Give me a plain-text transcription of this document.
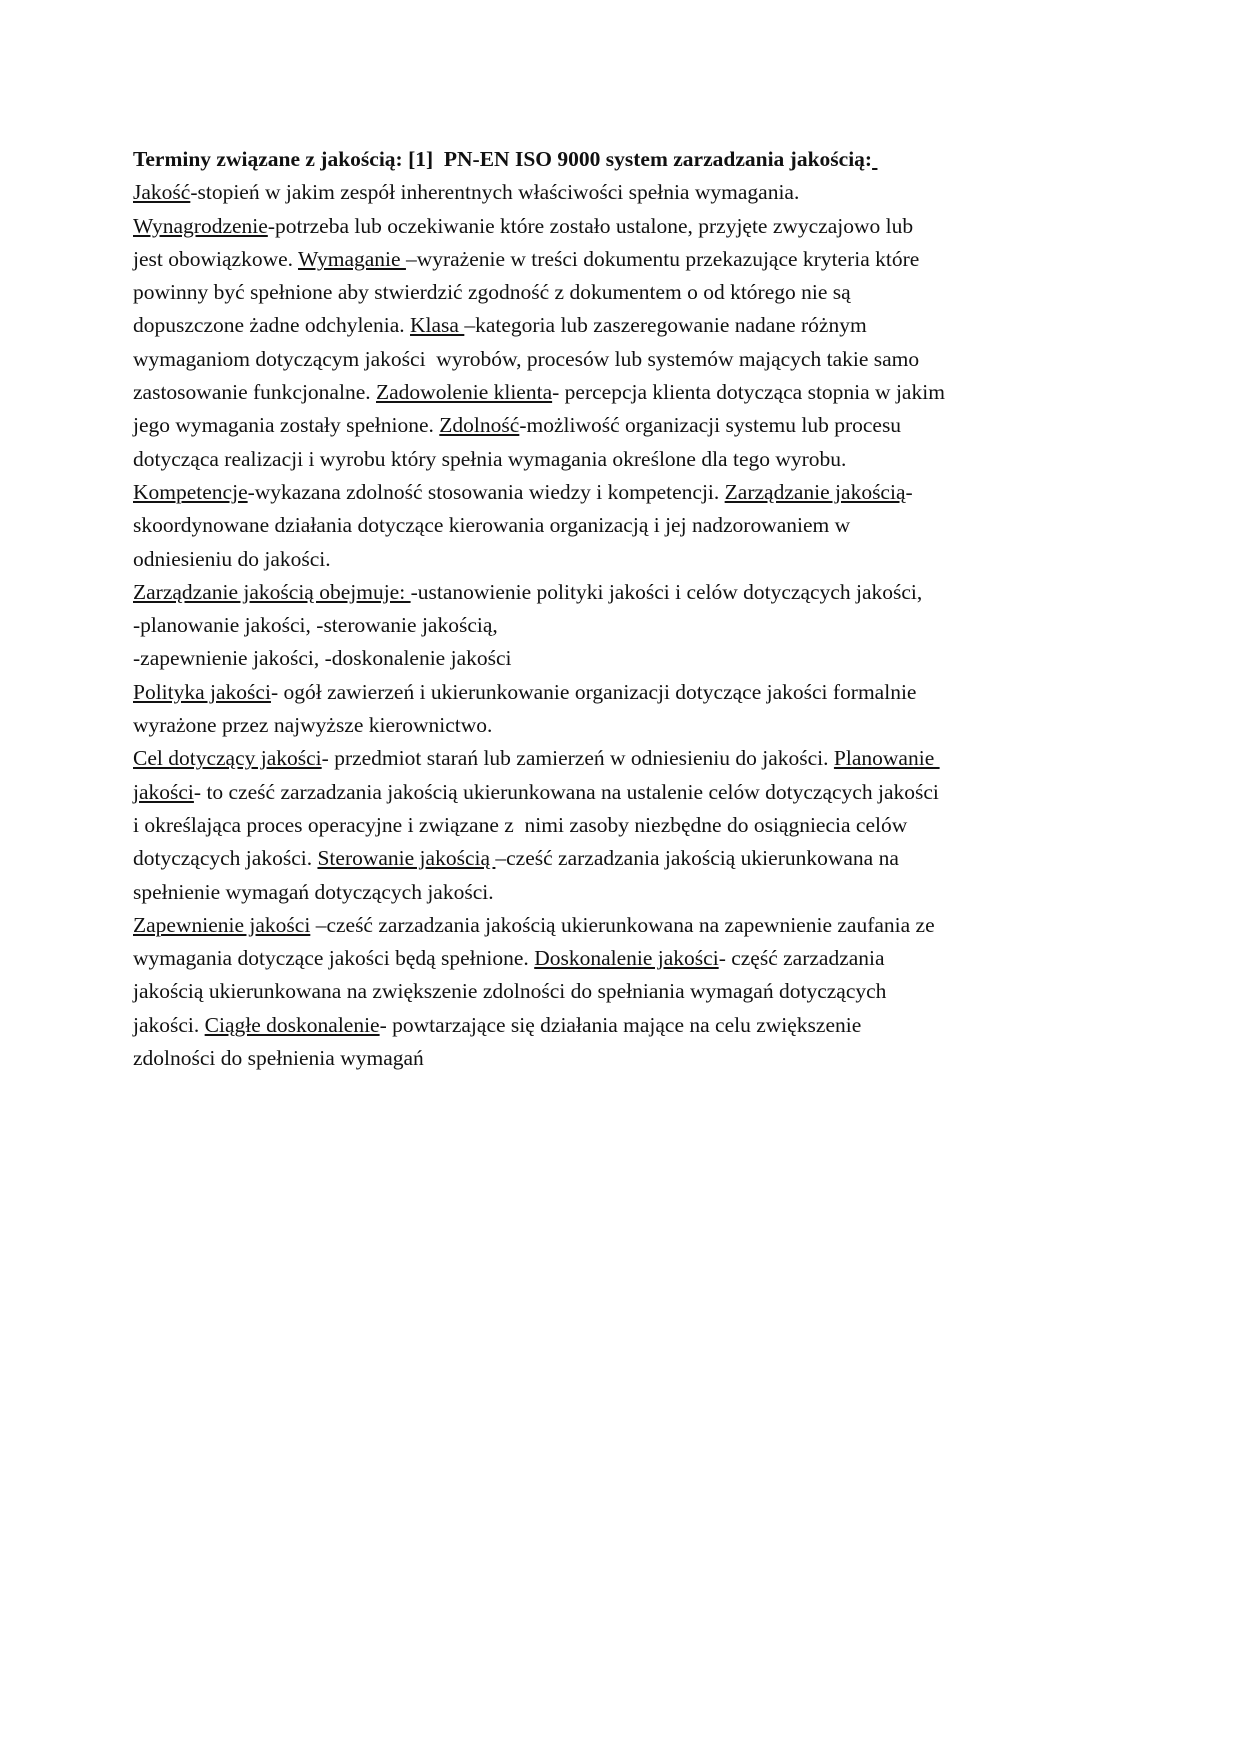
Terminy związane z jakością: [1]  PN-EN ISO 9000 system zarzadzania jakością:
Jakość-stopień w jakim zespół inherentnych właściwości spełnia wymagania.
Wynagrodzenie-potrzeba lub oczekiwanie które zostało ustalone, przyjęte zwyczajowo lub
jest obowiązkowe. Wymaganie –wyrażenie w treści dokumentu przekazujące kryteria które
powinny być spełnione aby stwierdzić zgodność z dokumentem o od którego nie są
dopuszczone żadne odchylenia. Klasa –kategoria lub zaszeregowanie nadane różnym
wymaganiom dotyczącym jakości  wyrobów, procesów lub systemów mających takie samo
zastosowanie funkcjonalne. Zadowolenie klienta- percepcja klienta dotycząca stopnia w jakim
jego wymagania zostały spełnione. Zdolność-możliwość organizacji systemu lub procesu
dotycząca realizacji i wyrobu który spełnia wymagania określone dla tego wyrobu.
Kompetencje-wykazana zdolność stosowania wiedzy i kompetencji. Zarządzanie jakością-
skoordynowane działania dotyczące kierowania organizacją i jej nadzorowaniem w
odniesieniu do jakości.
Zarządzanie jakością obejmuje: -ustanowienie polityki jakości i celów dotyczących jakości,
-planowanie jakości, -sterowanie jakością,
-zapewnienie jakości, -doskonalenie jakości
Polityka jakości- ogół zawierzeń i ukierunkowanie organizacji dotyczące jakości formalnie
wyrażone przez najwyższe kierownictwo.
Cel dotyczący jakości- przedmiot starań lub zamierzeń w odniesieniu do jakości. Planowanie
jakości- to cześć zarzadzania jakością ukierunkowana na ustalenie celów dotyczących jakości
i określająca proces operacyjne i związane z  nimi zasoby niezbędne do osiągniecia celów
dotyczących jakości. Sterowanie jakością –cześć zarzadzania jakością ukierunkowana na
spełnienie wymagań dotyczących jakości.
Zapewnienie jakości –cześć zarzadzania jakością ukierunkowana na zapewnienie zaufania ze
wymagania dotyczące jakości będą spełnione. Doskonalenie jakości- część zarzadzania
jakością ukierunkowana na zwiększenie zdolności do spełniania wymagań dotyczących
jakości. Ciągłe doskonalenie- powtarzające się działania mające na celu zwiększenie
zdolności do spełnienia wymagań
